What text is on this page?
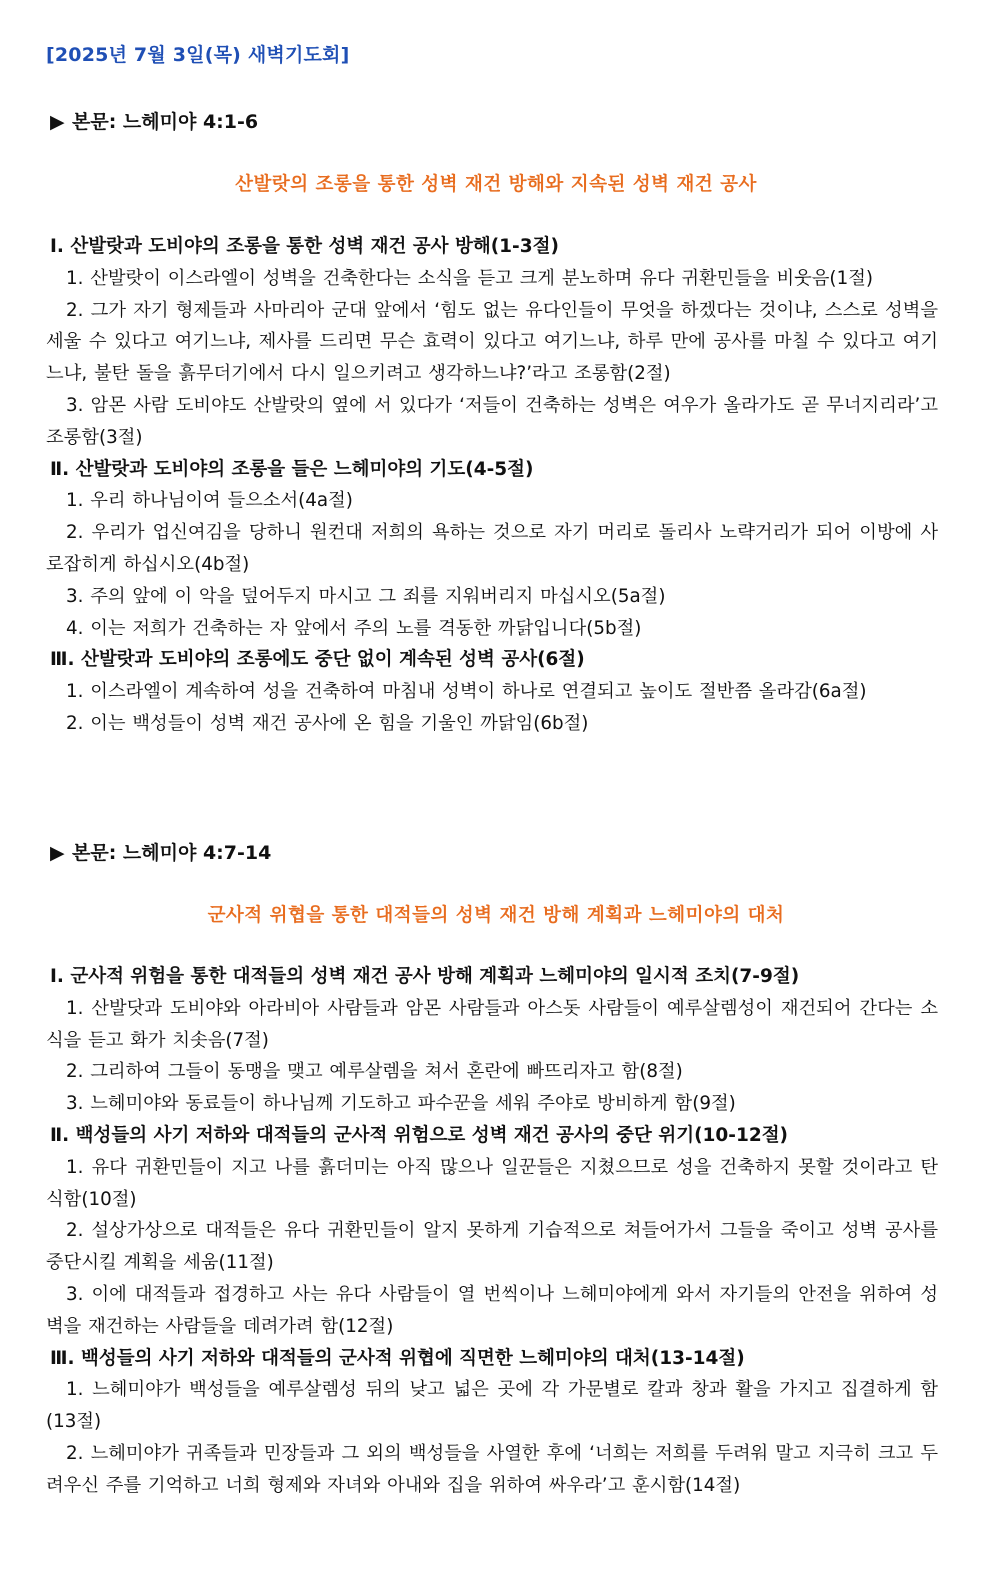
[2025년 7월 3일(목) 새벽기도회]
▶ 본문: 느헤미야 4:1-6
산발랏의 조롱을 통한 성벽 재건 방해와 지속된 성벽 재건 공사
Ⅰ. 산발랏과 도비야의 조롱을 통한 성벽 재건 공사 방해(1-3절)
1. 산발랏이 이스라엘이 성벽을 건축한다는 소식을 듣고 크게 분노하며 유다 귀환민들을 비웃음(1절)
2. 그가 자기 형제들과 사마리아 군대 앞에서 ‘힘도 없는 유다인들이 무엇을 하겠다는 것이냐, 스스로 성벽을 세울 수 있다고 여기느냐, 제사를 드리면 무슨 효력이 있다고 여기느냐, 하루 만에 공사를 마칠 수 있다고 여기느냐, 불탄 돌을 흙무더기에서 다시 일으키려고 생각하느냐?’라고 조롱함(2절)
3. 암몬 사람 도비야도 산발랏의 옆에 서 있다가 ‘저들이 건축하는 성벽은 여우가 올라가도 곧 무너지리라’고 조롱함(3절)
Ⅱ. 산발랏과 도비야의 조롱을 들은 느헤미야의 기도(4-5절)
1. 우리 하나님이여 들으소서(4a절)
2. 우리가 업신여김을 당하니 원컨대 저희의 욕하는 것으로 자기 머리로 돌리사 노략거리가 되어 이방에 사로잡히게 하십시오(4b절)
3. 주의 앞에 이 악을 덮어두지 마시고 그 죄를 지워버리지 마십시오(5a절)
4. 이는 저희가 건축하는 자 앞에서 주의 노를 격동한 까닭입니다(5b절)
Ⅲ. 산발랏과 도비야의 조롱에도 중단 없이 계속된 성벽 공사(6절)
1. 이스라엘이 계속하여 성을 건축하여 마침내 성벽이 하나로 연결되고 높이도 절반쯤 올라감(6a절)
2. 이는 백성들이 성벽 재건 공사에 온 힘을 기울인 까닭임(6b절)
▶ 본문: 느헤미야 4:7-14
군사적 위협을 통한 대적들의 성벽 재건 방해 계획과 느헤미야의 대처
Ⅰ. 군사적 위험을 통한 대적들의 성벽 재건 공사 방해 계획과 느헤미야의 일시적 조치(7-9절)
1. 산발닷과 도비야와 아라비아 사람들과 암몬 사람들과 아스돗 사람들이 예루살렘성이 재건되어 간다는 소식을 듣고 화가 치솟음(7절)
2. 그리하여 그들이 동맹을 맺고 예루살렘을 쳐서 혼란에 빠뜨리자고 함(8절)
3. 느헤미야와 동료들이 하나님께 기도하고 파수꾼을 세워 주야로 방비하게 함(9절)
Ⅱ. 백성들의 사기 저하와 대적들의 군사적 위험으로 성벽 재건 공사의 중단 위기(10-12절)
1. 유다 귀환민들이 지고 나를 흙더미는 아직 많으나 일꾼들은 지쳤으므로 성을 건축하지 못할 것이라고 탄식함(10절)
2. 설상가상으로 대적들은 유다 귀환민들이 알지 못하게 기습적으로 쳐들어가서 그들을 죽이고 성벽 공사를 중단시킬 계획을 세움(11절)
3. 이에 대적들과 접경하고 사는 유다 사람들이 열 번씩이나 느헤미야에게 와서 자기들의 안전을 위하여 성벽을 재건하는 사람들을 데려가려 함(12절)
Ⅲ. 백성들의 사기 저하와 대적들의 군사적 위협에 직면한 느헤미야의 대처(13-14절)
1. 느헤미야가 백성들을 예루살렘성 뒤의 낮고 넓은 곳에 각 가문별로 칼과 창과 활을 가지고 집결하게 함(13절)
2. 느헤미야가 귀족들과 민장들과 그 외의 백성들을 사열한 후에 ‘너희는 저희를 두려워 말고 지극히 크고 두려우신 주를 기억하고 너희 형제와 자녀와 아내와 집을 위하여 싸우라’고 훈시함(14절)
